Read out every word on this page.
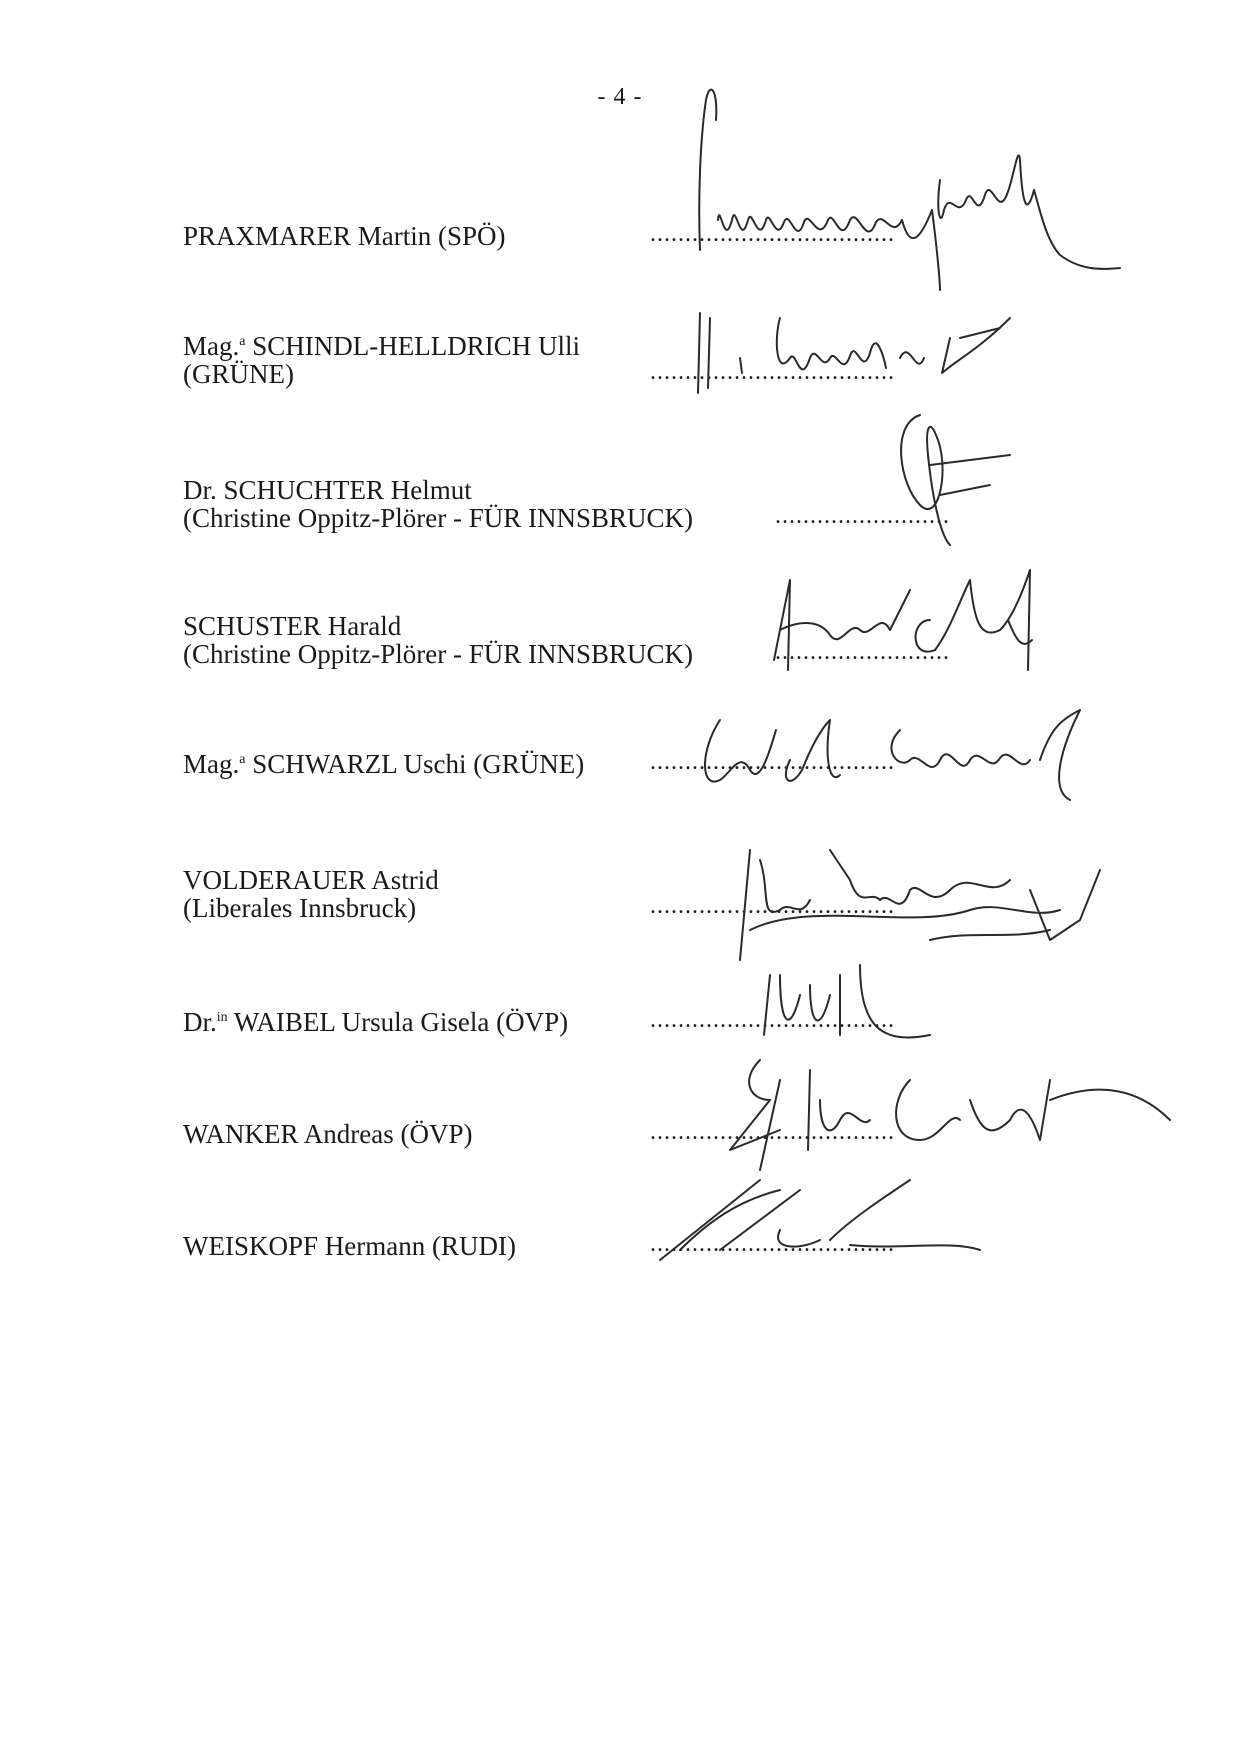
- 4 -
PRAXMARER Martin (SPÖ)	...................................
Mag.$^a$ SCHINDL-HELLDRICH Ulli
(GRÜNE)	...................................
Dr. SCHUCHTER Helmut
(Christine Oppitz-Plörer - FÜR INNSBRUCK)	.........................
SCHUSTER Harald
(Christine Oppitz-Plörer - FÜR INNSBRUCK)	.........................
Mag.$^a$ SCHWARZL Uschi (GRÜNE)	...................................
VOLDERAUER Astrid
(Liberales Innsbruck)	...................................
Dr.$^{in}$ WAIBEL Ursula Gisela (ÖVP)	...................................
WANKER Andreas (ÖVP)	...................................
WEISKOPF Hermann (RUDI)	...................................
